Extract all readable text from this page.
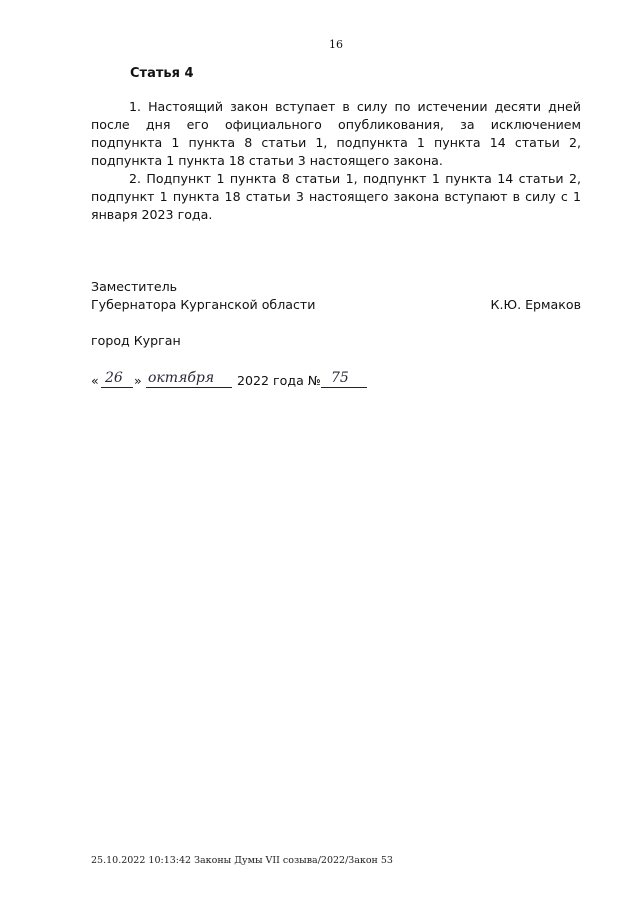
16
Статья 4

1. Настоящий закон вступает в силу по истечении десяти дней после дня его официального опубликования, за исключением подпункта 1 пункта 8 статьи 1, подпункта 1 пункта 14 статьи 2, подпункта 1 пункта 18 статьи 3 настоящего закона.

2. Подпункт 1 пункта 8 статьи 1, подпункт 1 пункта 14 статьи 2, подпункт 1 пункта 18 статьи 3 настоящего закона вступают в силу с 1 января 2023 года.

Заместитель
Губернатора Курганской области	К.Ю. Ермаков
город Курган
« 26 » октября 2022 года № 75
25.10.2022 10:13:42 Законы Думы VII созыва/2022/Закон 53
